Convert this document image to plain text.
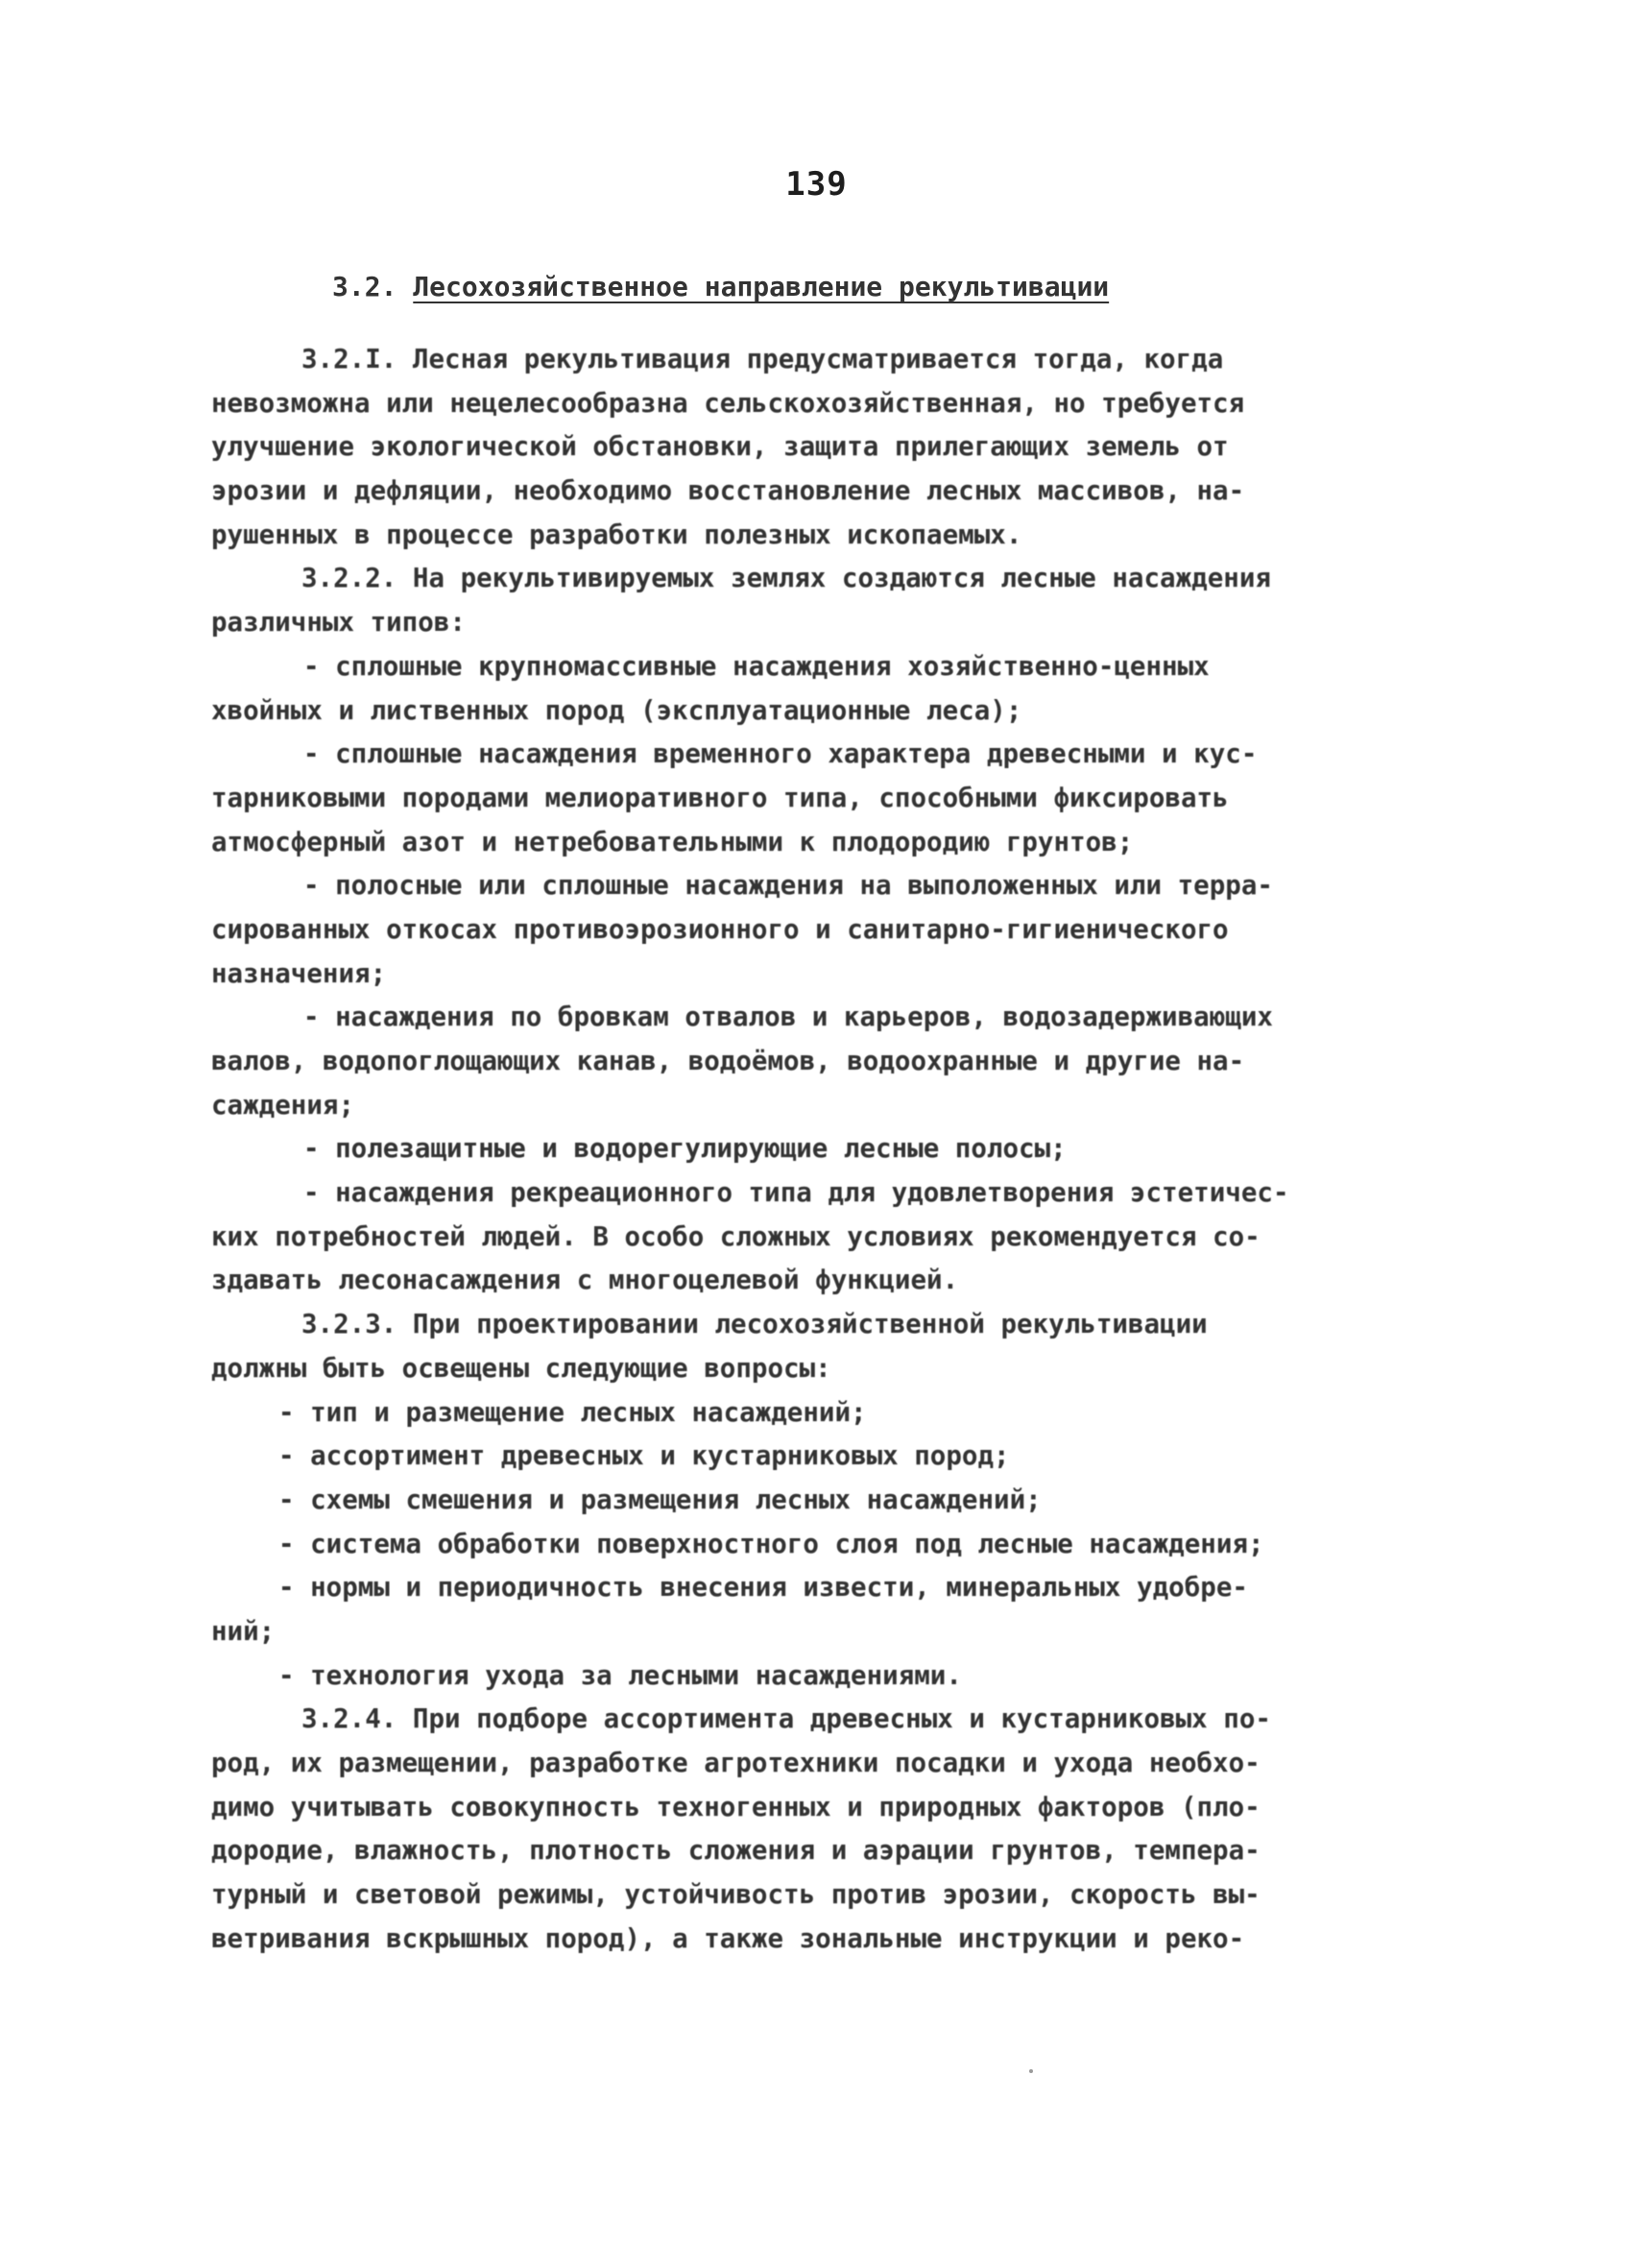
139
3.2. Лесохозяйственное направление рекультивации
3.2.I. Лесная рекультивация предусматривается тогда, когда
невозможна или нецелесообразна сельскохозяйственная, но требуется
улучшение экологической обстановки, защита прилегающих земель от
эрозии и дефляции, необходимо восстановление лесных массивов, на-
рушенных в процессе разработки полезных ископаемых.
3.2.2. На рекультивируемых землях создаются лесные насаждения
различных типов:
- сплошные крупномассивные насаждения хозяйственно-ценных
хвойных и лиственных пород (эксплуатационные леса);
- сплошные насаждения временного характера древесными и кус-
тарниковыми породами мелиоративного типа, способными фиксировать
атмосферный азот и нетребовательными к плодородию грунтов;
- полосные или сплошные насаждения на выположенных или терра-
сированных откосах противоэрозионного и санитарно-гигиенического
назначения;
- насаждения по бровкам отвалов и карьеров, водозадерживающих
валов, водопоглощающих канав, водоёмов, водоохранные и другие на-
саждения;
- полезащитные и водорегулирующие лесные полосы;
- насаждения рекреационного типа для удовлетворения эстетичес-
ких потребностей людей. В особо сложных условиях рекомендуется со-
здавать лесонасаждения с многоцелевой функцией.
3.2.3. При проектировании лесохозяйственной рекультивации
должны быть освещены следующие вопросы:
- тип и размещение лесных насаждений;
- ассортимент древесных и кустарниковых пород;
- схемы смешения и размещения лесных насаждений;
- система обработки поверхностного слоя под лесные насаждения;
- нормы и периодичность внесения извести, минеральных удобре-
ний;
- технология ухода за лесными насаждениями.
3.2.4. При подборе ассортимента древесных и кустарниковых по-
род, их размещении, разработке агротехники посадки и ухода необхо-
димо учитывать совокупность техногенных и природных факторов (пло-
дородие, влажность, плотность сложения и аэрации грунтов, темпера-
турный и световой режимы, устойчивость против эрозии, скорость вы-
ветривания вскрышных пород), а также зональные инструкции и реко-
